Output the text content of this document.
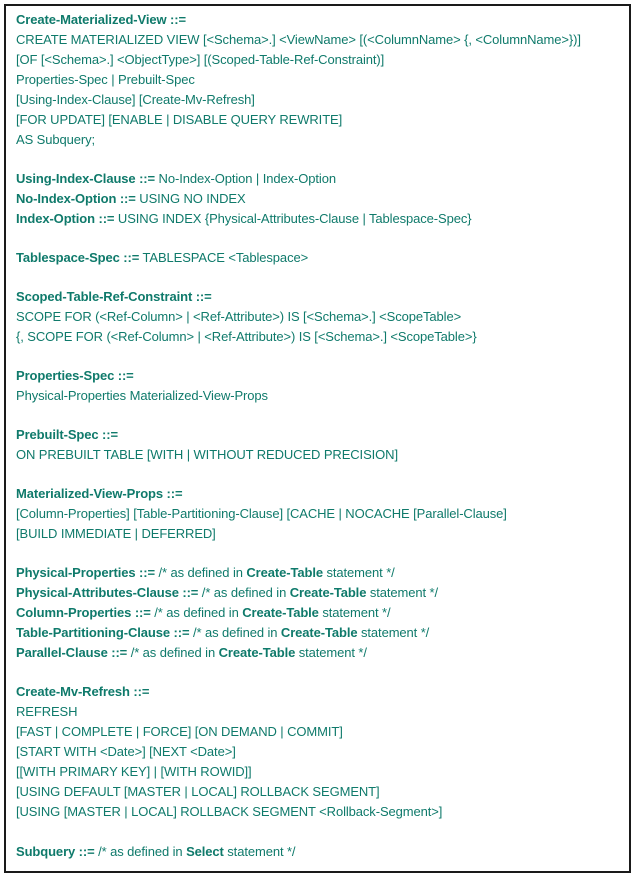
Create-Materialized-View ::=
CREATE MATERIALIZED VIEW [<Schema>.] <ViewName> [(<ColumnName> {, <ColumnName>})]
[OF [<Schema>.] <ObjectType>] [(Scoped-Table-Ref-Constraint)]
Properties-Spec | Prebuilt-Spec
[Using-Index-Clause] [Create-Mv-Refresh]
[FOR UPDATE] [ENABLE | DISABLE QUERY REWRITE]
AS Subquery;
Using-Index-Clause ::= No-Index-Option | Index-Option
No-Index-Option ::= USING NO INDEX
Index-Option ::= USING INDEX {Physical-Attributes-Clause | Tablespace-Spec}
Tablespace-Spec ::= TABLESPACE <Tablespace>
Scoped-Table-Ref-Constraint ::=
SCOPE FOR (<Ref-Column> | <Ref-Attribute>) IS [<Schema>.] <ScopeTable>
{, SCOPE FOR (<Ref-Column> | <Ref-Attribute>) IS [<Schema>.] <ScopeTable>}
Properties-Spec ::=
Physical-Properties Materialized-View-Props
Prebuilt-Spec ::=
ON PREBUILT TABLE [WITH | WITHOUT REDUCED PRECISION]
Materialized-View-Props ::=
[Column-Properties] [Table-Partitioning-Clause] [CACHE | NOCACHE [Parallel-Clause]
[BUILD IMMEDIATE | DEFERRED]
Physical-Properties ::= /* as defined in Create-Table statement */
Physical-Attributes-Clause ::= /* as defined in Create-Table statement */
Column-Properties ::= /* as defined in Create-Table statement */
Table-Partitioning-Clause ::= /* as defined in Create-Table statement */
Parallel-Clause ::= /* as defined in Create-Table statement */
Create-Mv-Refresh ::=
REFRESH
[FAST | COMPLETE | FORCE] [ON DEMAND | COMMIT]
[START WITH <Date>] [NEXT <Date>]
[[WITH PRIMARY KEY] | [WITH ROWID]]
[USING DEFAULT [MASTER | LOCAL] ROLLBACK SEGMENT]
[USING [MASTER | LOCAL] ROLLBACK SEGMENT <Rollback-Segment>]
Subquery ::= /* as defined in Select statement */
